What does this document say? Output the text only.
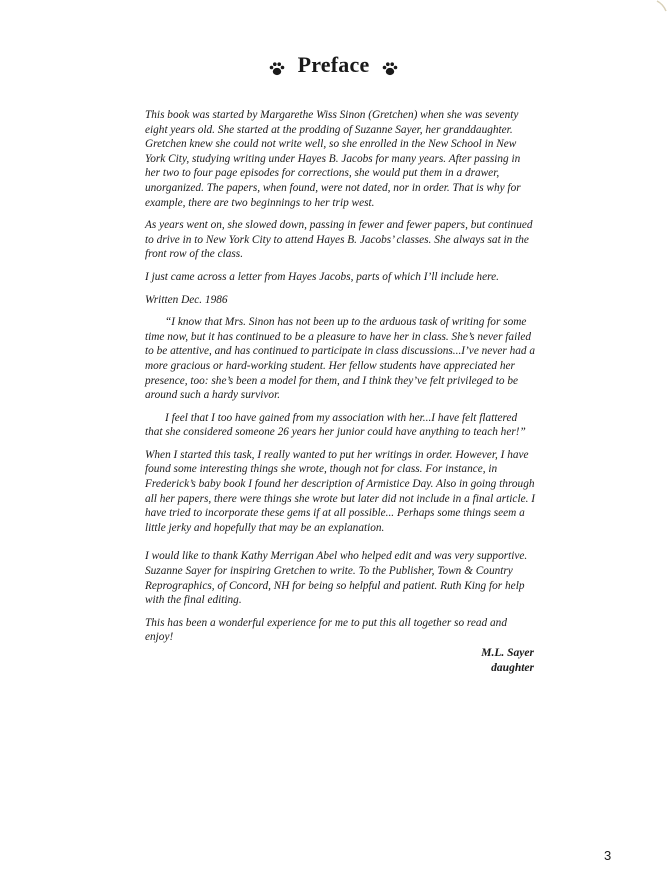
Preface

This book was started by Margarethe Wiss Sinon (Gretchen) when she was seventy eight years old. She started at the prodding of Suzanne Sayer, her granddaughter. Gretchen knew she could not write well, so she enrolled in the New School in New York City, studying writing under Hayes B. Jacobs for many years. After passing in her two to four page episodes for corrections, she would put them in a drawer, unorganized. The papers, when found, were not dated, nor in order. That is why for example, there are two beginnings to her trip west.

As years went on, she slowed down, passing in fewer and fewer papers, but continued to drive in to New York City to attend Hayes B. Jacobs’ classes. She always sat in the front row of the class.

I just came across a letter from Hayes Jacobs, parts of which I’ll include here.

Written Dec. 1986

“I know that Mrs. Sinon has not been up to the arduous task of writing for some time now, but it has continued to be a pleasure to have her in class. She’s never failed to be attentive, and has continued to participate in class discussions...I’ve never had a more gracious or hard-working student. Her fellow students have appreciated her presence, too: she’s been a model for them, and I think they’ve felt privileged to be around such a hardy survivor.

I feel that I too have gained from my association with her...I have felt flattered that she considered someone 26 years her junior could have anything to teach her!”

When I started this task, I really wanted to put her writings in order. However, I have found some interesting things she wrote, though not for class. For instance, in Frederick’s baby book I found her description of Armistice Day. Also in going through all her papers, there were things she wrote but later did not include in a final article. I have tried to incorporate these gems if at all possible... Perhaps some things seem a little jerky and hopefully that may be an explanation.

I would like to thank Kathy Merrigan Abel who helped edit and was very supportive. Suzanne Sayer for inspiring Gretchen to write. To the Publisher, Town & Country Reprographics, of Concord, NH for being so helpful and patient. Ruth King for help with the final editing.

This has been a wonderful experience for me to put this all together so read and enjoy!

M.L. Sayer
daughter
3
